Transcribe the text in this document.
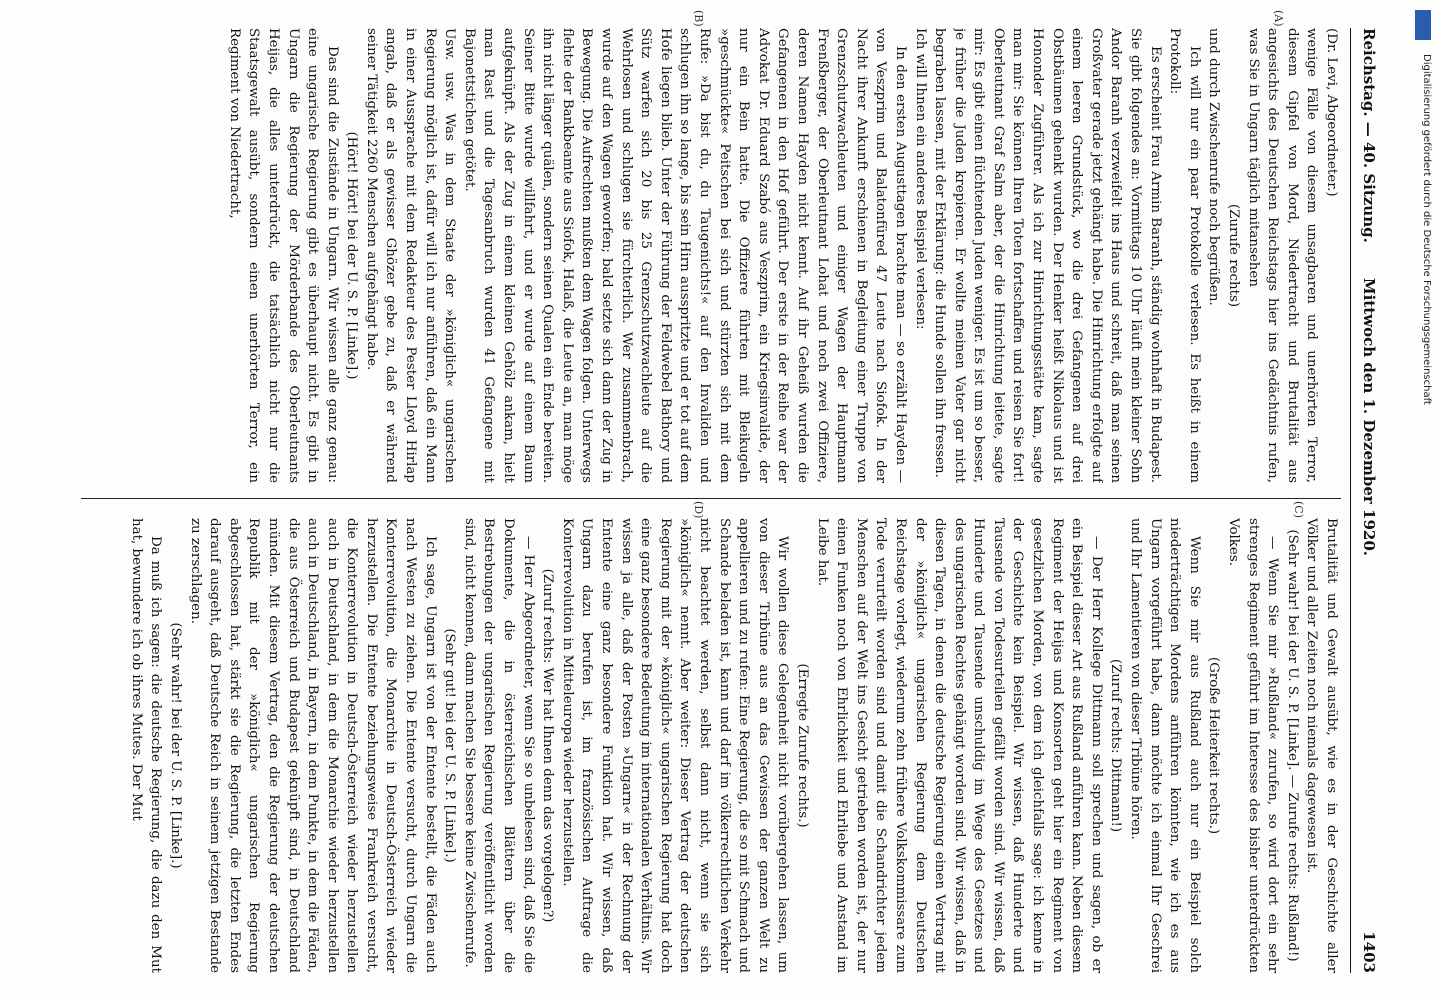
Reichstag. — 40. Sitzung.
Mittwoch den 1. Dezember 1920.
1403

(Dr. Levi, Abgeordneter.)

wenige Fälle von diesem unsagbaren und unerhörten Terror, diesem Gipfel von Mord, Niedertracht und Brutalität aus angesichts des Deutschen Reichstags hier ins Gedächtnis rufen, was Sie in Ungarn täglich mitansehen

(Zurufe rechts)

und durch Zwischenrufe noch begrüßen.

Ich will nur ein paar Protokolle verlesen. Es heißt in einem Protokoll:

Es erscheint Frau Armin Baranh, ständig wohnhaft in Budapest. Sie gibt folgendes an: Vormittags 10 Uhr läuft mein kleiner Sohn Andor Baranh verzweifelt ins Haus und schreit, daß man seinen Großvater gerade jetzt gehängt habe. Die Hinrichtung erfolgte auf einem leeren Grundstück, wo die drei Gefangenen auf drei Obstbäumen gehenkt wurden. Der Henker heißt Nikolaus und ist Hononder Zugführer. Als ich zur Hinrichtungsstätte kam, sagte man mir: Sie können Ihren Toten fortschaffen und reisen Sie fort! Oberleutnant Graf Salm aber, der die Hinrichtung leitete, sagte mir: Es gibt einen flüchtenden Juden weniger. Es ist um so besser, je früher die Juden krepieren. Er wollte meinen Vater gar nicht begraben lassen, mit der Erklärung: die Hunde sollen ihn fressen.

Ich will Ihnen ein anderes Beispiel verlesen:

In den ersten Augusttagen brachte man — so erzählt Hayden — von Veszprim und Balatonfüred 47 Leute nach Siofok. In der Nacht ihrer Ankunft erschienen in Begleitung einer Truppe von Grenzschutzwachleuten und einiger Wagen der Hauptmann Frenßberger, der Oberleutnant Lohat und noch zwei Offiziere, deren Namen Hayden nicht kennt. Auf ihr Geheiß wurden die Gefangenen in den Hof geführt. Der erste in der Reihe war der Advokat Dr. Eduard Szabó aus Veszprim, ein Kriegsinvalide, der nur ein Bein hatte. Die Offiziere führten mit Bleikugeln »geschmückte« Peitschen bei sich und stürzten sich mit dem Rufe: »Da bist du, du Taugenichts!« auf den Invaliden und schlugen ihn so lange, bis sein Hirn ausspritzte und er tot auf dem Hofe liegen blieb. Unter der Führung der Feldwebel Bathory und Sütz warfen sich 20 bis 25 Grenzschutzwachleute auf die Wehrlosen und schlugen sie fürchterlich. Wer zusammenbrach, wurde auf den Wagen geworfen; bald setzte sich dann der Zug in Bewegung. Die Aufrechten mußten dem Wagen folgen. Unterwegs flehte der Bankbeamte aus Siofok, Halaß, die Leute an, man möge ihn nicht länger quälen, sondern seinen Qualen ein Ende bereiten. Seiner Bitte wurde willfahrt, und er wurde auf einem Baum aufgeknüpft. Als der Zug in einem kleinen Gehölz ankam, hielt man Rast und die Tagesanbruch wurden 41 Gefangene mit Bajonettstichen getötet.

Usw. usw. Was in dem Staate der »königlich« ungarischen Regierung möglich ist, dafür will ich nur anführen, daß ein Mann in einer Aussprache mit dem Redakteur des Pester Lloyd Hirlap angab, daß er als gewisser Ghözer gebe zu, daß er während seiner Tätigkeit 2260 Menschen aufgehängt habe.

(Hört! Hört! bei der U. S. P. [Linke].)

Das sind die Zustände in Ungarn. Wir wissen alle ganz genau: eine ungarische Regierung gibt es überhaupt nicht. Es gibt in Ungarn die Regierung der Mörderbande des Oberleutnants Heijas, die alles unterdrückt, die tatsächlich nicht nur die Staatsgewalt ausübt, sondern einen unerhörten Terror, ein Regiment von Niedertracht,

Brutalität und Gewalt ausübt, wie es in der Geschichte aller Völker und aller Zeiten noch niemals dagewesen ist.

(Sehr wahr! bei der U. S. P. [Linke]. — Zurufe rechts: Rußland!)

— Wenn Sie mir »Rußland« zurufen, so wird dort ein sehr strenges Regiment geführt im Interesse des bisher unterdrückten Volkes.

(Große Heiterkeit rechts.)

Wenn Sie mir aus Rußland auch nur ein Beispiel solch niederträchtigen Mordens anführen könnten, wie ich es aus Ungarn vorgeführt habe, dann möchte ich einmal Ihr Geschrei und Ihr Lamentieren von dieser Tribüne hören.

(Zuruf rechts: Dittmann!)

— Der Herr Kollege Dittmann soll sprechen und sagen, ob er ein Beispiel dieser Art aus Rußland anführen kann. Neben diesem Regiment der Heijas und Konsorten geht hier ein Regiment von gesetzlichen Morden, von dem ich gleichfalls sage: ich kenne in der Geschichte kein Beispiel. Wir wissen, daß Hunderte und Tausende von Todesurteilen gefällt worden sind. Wir wissen, daß Hunderte und Tausende unschuldig im Wege des Gesetzes und des ungarischen Rechtes gehängt worden sind. Wir wissen, daß in diesen Tagen, in denen die deutsche Regierung einen Vertrag mit der »königlich« ungarischen Regierung dem Deutschen Reichstage vorlegt, wiederum zehn frühere Volkskommissare zum Tode verurteilt worden sind und damit die Schandrichter jedem Menschen auf der Welt ins Gesicht getrieben worden ist, der nur einen Funken noch von Ehrlichkeit und Ehrliebe und Anstand im Leibe hat.

(Erregte Zurufe rechts.)

Wir wollen diese Gelegenheit nicht vorübergehen lassen, um von dieser Tribüne aus an das Gewissen der ganzen Welt zu appellieren und zu rufen: Eine Regierung, die so mit Schmach und Schande beladen ist, kann und darf im völkerrechtlichen Verkehr nicht beachtet werden, selbst dann nicht, wenn sie sich »königlich« nennt. Aber weiter: Dieser Vertrag der deutschen Regierung mit der »königlich« ungarischen Regierung hat doch eine ganz besondere Bedeutung im internationalen Verhältnis. Wir wissen ja alle, daß der Posten »Ungarn« in der Rechnung der Entente eine ganz besondere Funktion hat. Wir wissen, daß Ungarn dazu berufen ist, im französischen Auftrage die Konterrevolution in Mitteleuropa wieder herzustellen.

(Zuruf rechts: Wer hat Ihnen denn das vorgelogen?)

— Herr Abgeordneter, wenn Sie so unbelesen sind, daß Sie die Dokumente, die in österreichischen Blättern über die Bestrebungen der ungarischen Regierung veröffentlicht worden sind, nicht kennen, dann machen Sie bessere keine Zwischenrufe.

(Sehr gut! bei der U. S. P. [Linke].)

Ich sage, Ungarn ist von der Entente bestellt, die Fäden auch nach Westen zu ziehen. Die Entente versucht, durch Ungarn die Konterrevolution, die Monarchie in Deutsch-Österreich wieder herzustellen. Die Entente beziehungsweise Frankreich versucht, die Konterrevolution in Deutsch-Österreich wieder herzustellen auch in Deutschland, in dem die Monarchie wieder herzustellen auch in Deutschland, in Bayern, in dem Punkte, in dem die Fäden, die aus Österreich und Budapest geknüpft sind, in Deutschland münden. Mit diesem Vertrag, den die Regierung der deutschen Republik mit der »königlich« ungarischen Regierung abgeschlossen hat, stärkt sie die Regierung, die letzten Endes darauf ausgeht, daß Deutsche Reich in seinem jetzigen Bestande zu zerschlagen.

(Sehr wahr! bei der U. S. P. [Linke].)

Da muß ich sagen: die deutsche Regierung, die dazu den Mut hat, bewundere ich ob ihres Mutes. Der Mut

(A)
(B)
(C)
(D)
Digitalisierung gefördert durch die Deutsche Forschungsgemeinschaft
